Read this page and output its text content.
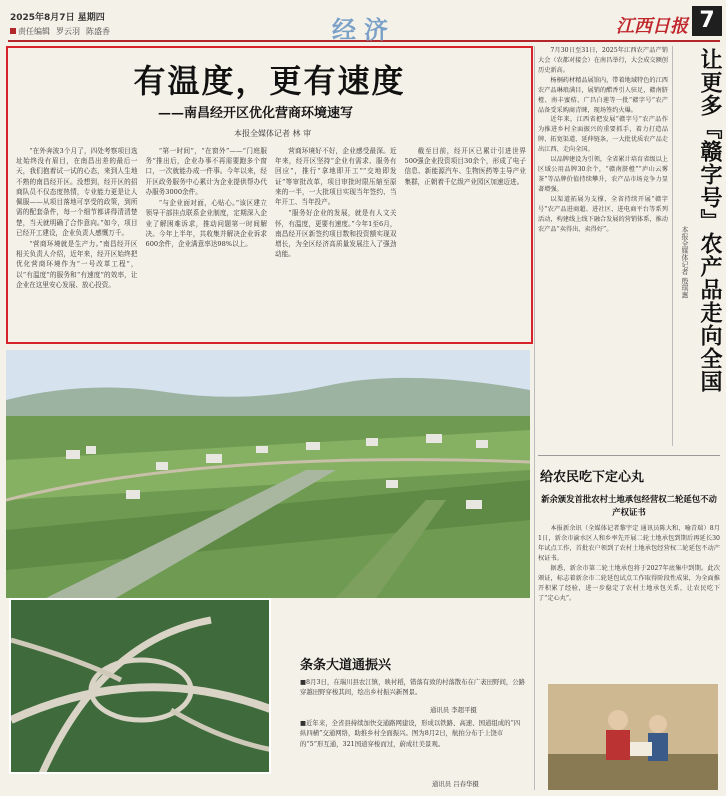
2025年8月7日 星期四
责任编辑 罗云羽 陈盛香	经济	江西日报 7
有温度，更有速度
——南昌经开区优化营商环境速写
本报全媒体记者 林 审

“在外奔波3个月了，四处考察项目选址始终没有眉目，在南昌出差的最后一天，我们抱着试一试的心态，来到人生地不熟的南昌经开区。没想到，经开区的招商队员不仅态度热情，专业能力更是让人佩服——从项目落地可享受的政策，到所需的配套条件，每一个细节都讲得清清楚楚，当天就明确了合作意向。”如今，项目已经开工建设，企业负责人感慨万千。

“营商环境就是生产力。”南昌经开区相关负责人介绍，近年来，经开区始终把优化营商环境作为“一号改革工程”，以“有温度”的服务和“有速度”的效率，让企业在这里安心发展、放心投资。

“第一时间”，“在窗外”——“门庭服务”推出后，企业办事不再需要跑多个窗口，一次就能办成一件事。今年以来，经开区政务服务中心累计为企业提供帮办代办服务3000余件。

“与企业面对面，心贴心。”该区建立领导干部挂点联系企业制度，定期深入企业了解困难诉求，推动问题第一时间解决。今年上半年，共收集并解决企业诉求600余件，企业满意率达98%以上。

营商环境好不好，企业感受最深。近年来，经开区坚持“企业有需求、服务有回应”，推行“拿地即开工”“交地即发证”等审批改革，项目审批时限压缩至原来的一半，一大批项目实现当年签约、当年开工、当年投产。

“服务好企业的发展，就是有人文关怀，有温度，更要有速度。”今年1至6月，南昌经开区新签约项目数和投资额实现双增长，为全区经济高质量发展注入了强劲动能。

截至目前，经开区已累计引进世界500强企业投资项目30余个，形成了电子信息、新能源汽车、生物医药等主导产业集群，正朝着千亿级产业园区加速迈进。

7月30日至31日，2025年江西农产品产销大会（农都对接会）在南昌举行，大会成交额创历史新高。

杨桐药材精品展馆内，带着地域特色的江西农产品琳琅满目，展销的醋香引人驻足，赣南脐橙、南丰蜜桔、广昌白莲等一批“赣字号”农产品备受采购商青睐，现场签约火爆。

近年来，江西省把发展“赣字号”农产品作为推进乡村全面振兴的重要抓手，着力打造品牌、拓宽渠道、延伸链条，一大批优质农产品走出江西、走向全国。

以品牌建设为引领，全省累计培育省级以上区域公用品牌30余个，“赣南脐橙”“庐山云雾茶”等品牌价值持续攀升，农产品市场竞争力显著增强。

以渠道拓展为支撑，全省持续开展“赣字号”农产品进商超、进社区、进电商平台等系列活动，构建线上线下融合发展的营销体系，推动农产品“卖得出、卖得好”。	让更多『赣字号』农产品走向全国
本报全媒体记者 殷琪惠
给农民吃下定心丸
新余颁发首批农村土地承包经营权二轮延包不动产权证书

本报新余讯（全媒体记者黎宇定 通讯员陈大和、喻青瑞）8月1日，新余市渝水区人和乡率先开展二轮土地承包到期后再延长30年试点工作，首批农户领到了农村土地承包经营权二轮延包不动产权证书。

据悉，新余市第二轮土地承包将于2027年底集中到期。此次颁证，标志着新余市二轮延包试点工作取得阶段性成果，为全面推开积累了经验，进一步稳定了农村土地承包关系，让农民吃下了“定心丸”。

条条大道通振兴
■8月3日，在瑞川县农江镇，映衬稻，错落有致的村落散布在广袤田野间，公路穿越田野穿梭其间，绘出乡村振兴新图景。
通讯员 李超平摄
■近年来，全省县持续加快交通路网建设，形成以铁路、高速、国道组成的“四纵四横”交通网络，助推乡村全面振兴。图为8月2日，航拍分布于上饶市的“5”形互通，321国道穿梭而过，蔚成壮美景观。
通讯员 吕春华摄
